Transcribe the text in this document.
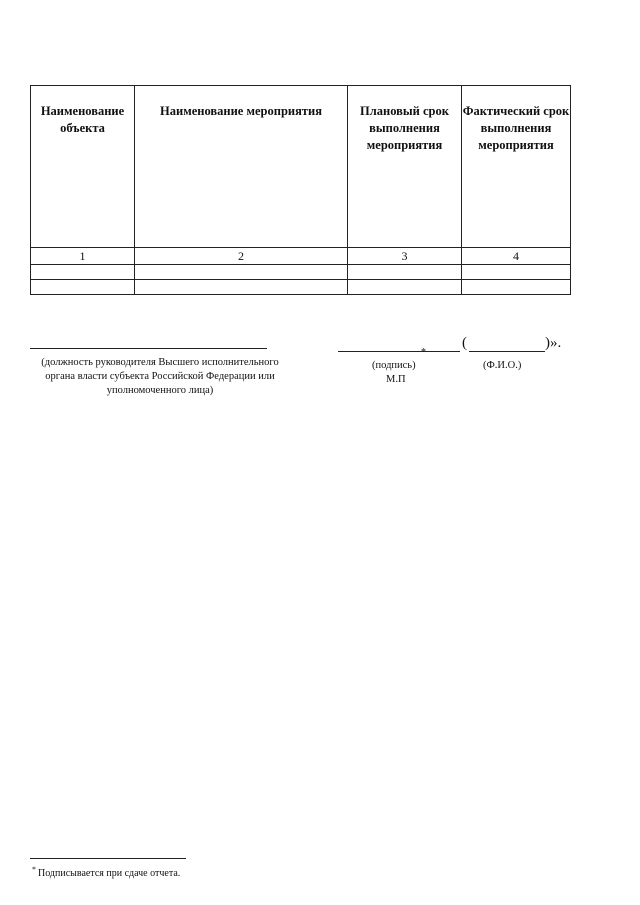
Наименование объекта	Наименование мероприятия	Плановый срок выполнения мероприятия	Фактический срок выполнения мероприятия
1	2	3	4

(должность руководителя Высшего исполнительного органа власти субъекта Российской Федерации или уполномоченного лица)
(	)».
(подпись)
*
(Ф.И.О.)
М.П
* Подписывается при сдаче отчета.
